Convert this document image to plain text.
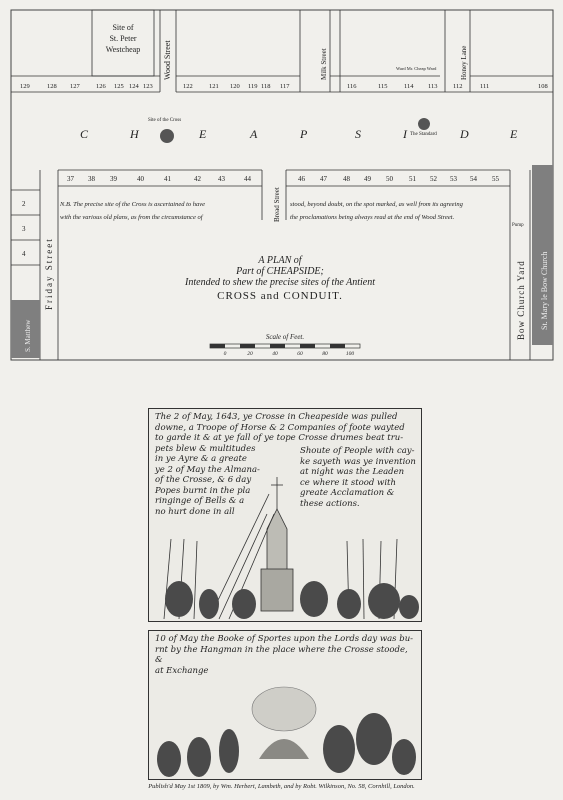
129	128 127	126 125 124 123	122	121 120 119 118 117	116	115	114 113 112	111	108
Site of
St. Peter
Westcheap	Wood Street	Milk Street	Honey Lane
Ward Mr. Cheap Ward
C	H	E	A	P	S	I	D	E
Site of the Cross
The Standard
37 38 39	40	41	42 43	44	46 47 48 49 50 51 52 53 54 55
2
3
4 Friday Street
Bread Street
Bow Church Yard St. Mary le Bow Church
S. Matthew
Pump
0	20	40	60	80	100
N.B. The precise site of the Cross is ascertained to have
with the various old plans, as from the circumstance of
stood, beyond doubt, on the spot marked, as well from its agreeing
the proclamations being always read at the end of Wood Street.
A PLAN of
Part of CHEAPSIDE;
Intended to shew the precise sites of the Antient
CROSS and CONDUIT.
Scale of Feet.
The 2 of May, 1643, ye Crosse in Cheapeside was pulled
downe, a Troope of Horse & 2 Companies of foote wayted
to garde it & at ye fall of ye tope Crosse drumes beat tru-
pets blew & multitudes
in ye Ayre & a greate
ye 2 of May the Almana-
of the Crosse, & 6 day
Popes burnt in the pla
ringinge of Bells & a
no hurt done in all
Shoute of People with cay-
ke sayeth was ye invention
at night was the Leaden
ce where it stood with
greate Acclamation &
these actions.
10 of May the Booke of Sportes upon the Lords day was bu-
rnt by the Hangman in the place where the Crosse stoode, &
at Exchange
Publish'd May 1st 1809, by Wm. Herbert, Lambeth, and by Robt. Wilkinson, No. 58, Cornhill, London.
